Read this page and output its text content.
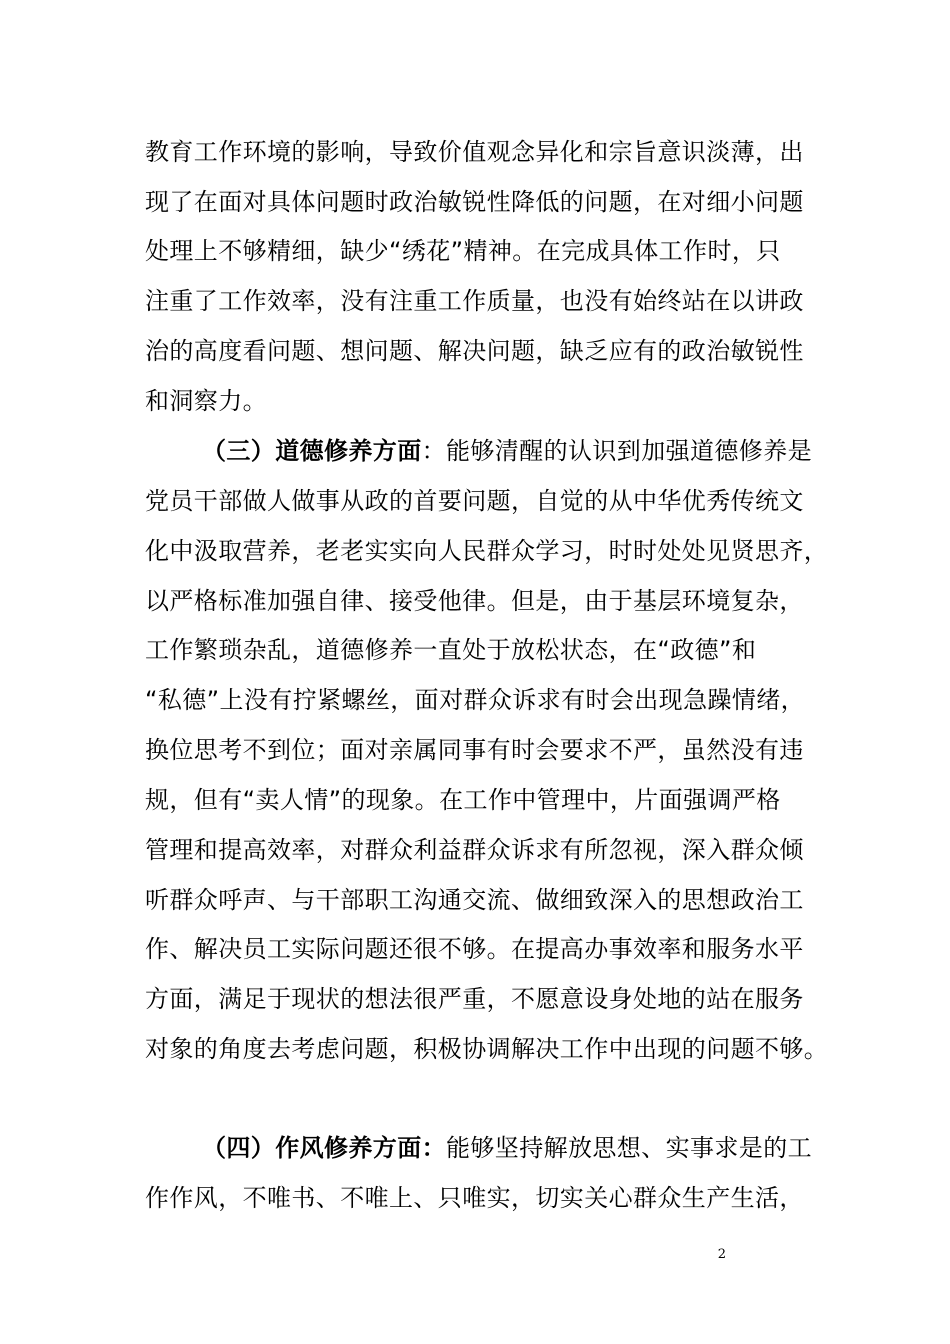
教育工作环境的影响，导致价值观念异化和宗旨意识淡薄，出
现了在面对具体问题时政治敏锐性降低的问题，在对细小问题
处理上不够精细，缺少“绣花”精神。在完成具体工作时，只
注重了工作效率，没有注重工作质量，也没有始终站在以讲政
治的高度看问题、想问题、解决问题，缺乏应有的政治敏锐性
和洞察力。
（三）道德修养方面：能够清醒的认识到加强道德修养是
党员干部做人做事从政的首要问题，自觉的从中华优秀传统文
化中汲取营养，老老实实向人民群众学习，时时处处见贤思齐，
以严格标准加强自律、接受他律。但是，由于基层环境复杂，
工作繁琐杂乱，道德修养一直处于放松状态，在“政德”和
“私德”上没有拧紧螺丝，面对群众诉求有时会出现急躁情绪，
换位思考不到位；面对亲属同事有时会要求不严，虽然没有违
规，但有“卖人情”的现象。在工作中管理中，片面强调严格
管理和提高效率，对群众利益群众诉求有所忽视，深入群众倾
听群众呼声、与干部职工沟通交流、做细致深入的思想政治工
作、解决员工实际问题还很不够。在提高办事效率和服务水平
方面，满足于现状的想法很严重，不愿意设身处地的站在服务
对象的角度去考虑问题，积极协调解决工作中出现的问题不够。
（四）作风修养方面：能够坚持解放思想、实事求是的工
作作风，不唯书、不唯上、只唯实，切实关心群众生产生活，
2
